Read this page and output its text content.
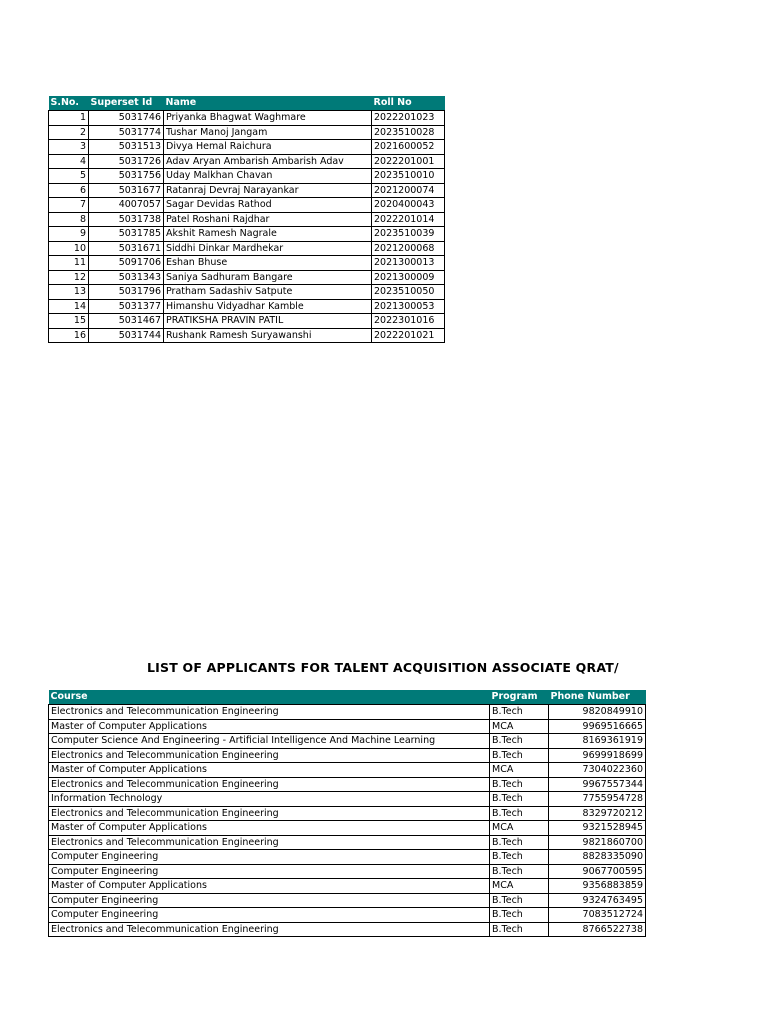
S.No.	Superset Id	Name	Roll No
1	5031746	Priyanka Bhagwat Waghmare	2022201023
2	5031774	Tushar Manoj Jangam	2023510028
3	5031513	Divya Hemal Raichura	2021600052
4	5031726	Adav Aryan Ambarish Ambarish Adav	2022201001
5	5031756	Uday Malkhan Chavan	2023510010
6	5031677	Ratanraj Devraj Narayankar	2021200074
7	4007057	Sagar Devidas Rathod	2020400043
8	5031738	Patel Roshani Rajdhar	2022201014
9	5031785	Akshit Ramesh Nagrale	2023510039
10	5031671	Siddhi Dinkar Mardhekar	2021200068
11	5091706	Eshan Bhuse	2021300013
12	5031343	Saniya Sadhuram Bangare	2021300009
13	5031796	Pratham Sadashiv Satpute	2023510050
14	5031377	Himanshu Vidyadhar Kamble	2021300053
15	5031467	PRATIKSHA PRAVIN PATIL	2022301016
16	5031744	Rushank Ramesh Suryawanshi	2022201021
LIST OF APPLICANTS FOR TALENT ACQUISITION ASSOCIATE QRAT/
Course	Program	Phone Number
Electronics and Telecommunication Engineering	B.Tech	9820849910
Master of Computer Applications	MCA	9969516665
Computer Science And Engineering - Artificial Intelligence And Machine Learning	B.Tech	8169361919
Electronics and Telecommunication Engineering	B.Tech	9699918699
Master of Computer Applications	MCA	7304022360
Electronics and Telecommunication Engineering	B.Tech	9967557344
Information Technology	B.Tech	7755954728
Electronics and Telecommunication Engineering	B.Tech	8329720212
Master of Computer Applications	MCA	9321528945
Electronics and Telecommunication Engineering	B.Tech	9821860700
Computer Engineering	B.Tech	8828335090
Computer Engineering	B.Tech	9067700595
Master of Computer Applications	MCA	9356883859
Computer Engineering	B.Tech	9324763495
Computer Engineering	B.Tech	7083512724
Electronics and Telecommunication Engineering	B.Tech	8766522738
